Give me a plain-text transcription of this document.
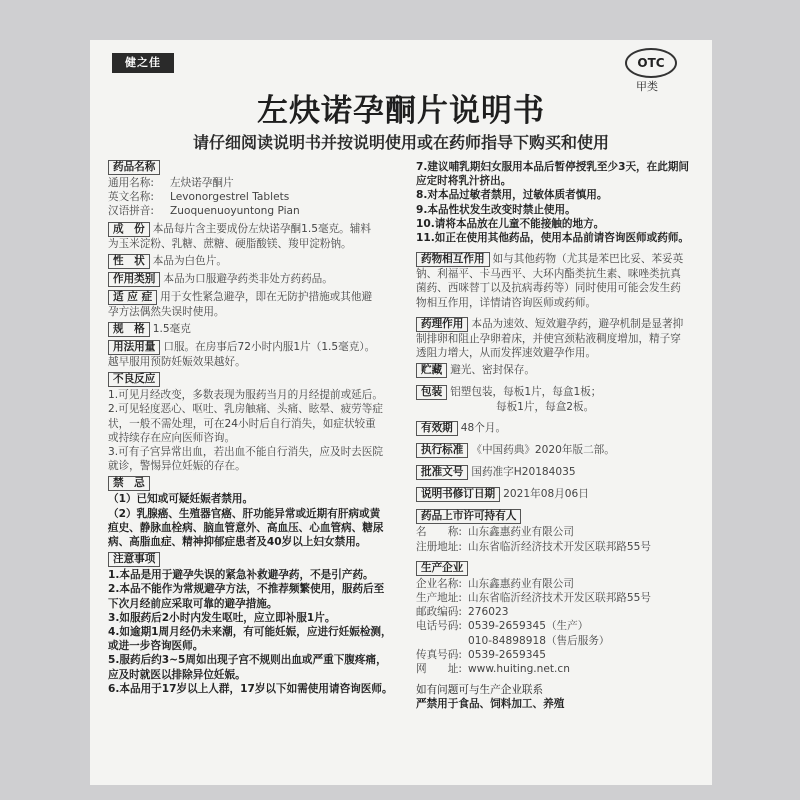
健之佳	OTC
甲类
左炔诺孕酮片说明书
请仔细阅读说明书并按说明使用或在药师指导下购买和使用
药品名称
通用名称:	左炔诺孕酮片
英文名称:	Levonorgestrel Tablets
汉语拼音:	Zuoquenuoyuntong Pian
成　份 本品每片含主要成份左炔诺孕酮1.5毫克。辅料
为玉米淀粉、乳糖、蔗糖、硬脂酸镁、羧甲淀粉钠。
性　状 本品为白色片。
作用类别 本品为口服避孕药类非处方药药品。
适 应 症 用于女性紧急避孕，即在无防护措施或其他避
孕方法偶然失误时使用。
规　格 1.5毫克
用法用量 口服。在房事后72小时内服1片（1.5毫克）。
越早服用预防妊娠效果越好。
不良反应
1.可见月经改变，多数表现为服药当月的月经提前或延后。
2.可见轻度恶心、呕吐、乳房触痛、头痛、眩晕、疲劳等症
状，一般不需处理，可在24小时后自行消失，如症状较重
或持续存在应向医师咨询。
3.可有子宫异常出血，若出血不能自行消失，应及时去医院
就诊，警惕异位妊娠的存在。
禁　忌
（1）已知或可疑妊娠者禁用。
（2）乳腺癌、生殖器官癌、肝功能异常或近期有肝病或黄
疸史、静脉血栓病、脑血管意外、高血压、心血管病、糖尿
病、高脂血症、精神抑郁症患者及40岁以上妇女禁用。
注意事项
1.本品是用于避孕失误的紧急补救避孕药，不是引产药。
2.本品不能作为常规避孕方法，不推荐频繁使用，服药后至
下次月经前应采取可靠的避孕措施。
3.如服药后2小时内发生呕吐，应立即补服1片。
4.如逾期1周月经仍未来潮，有可能妊娠，应进行妊娠检测，
或进一步咨询医师。
5.服药后约3~5周如出现子宫不规则出血或严重下腹疼痛，
应及时就医以排除异位妊娠。
6.本品用于17岁以上人群，17岁以下如需使用请咨询医师。
7.建议哺乳期妇女服用本品后暂停授乳至少3天，在此期间
应定时将乳汁挤出。
8.对本品过敏者禁用，过敏体质者慎用。
9.本品性状发生改变时禁止使用。
10.请将本品放在儿童不能接触的地方。
11.如正在使用其他药品，使用本品前请咨询医师或药师。
药物相互作用 如与其他药物（尤其是苯巴比妥、苯妥英
钠、利福平、卡马西平、大环内酯类抗生素、咪唑类抗真
菌药、西咪替丁以及抗病毒药等）同时使用可能会发生药
物相互作用，详情请咨询医师或药师。
药理作用 本品为速效、短效避孕药，避孕机制是显著抑
制排卵和阻止孕卵着床，并使宫颈粘液稠度增加，精子穿
透阻力增大，从而发挥速效避孕作用。
贮藏 避光、密封保存。
包装 铝塑包装，每板1片，每盒1板；
每板1片，每盒2板。
有效期 48个月。
执行标准 《中国药典》2020年版二部。
批准文号 国药准字H20184035
说明书修订日期 2021年08月06日
药品上市许可持有人
名　　称: 山东鑫惠药业有限公司
注册地址: 山东省临沂经济技术开发区联邦路55号
生产企业
企业名称: 山东鑫惠药业有限公司
生产地址: 山东省临沂经济技术开发区联邦路55号
邮政编码: 276023
电话号码: 0539-2659345（生产）
010-84898918（售后服务）
传真号码: 0539-2659345
网　　址: www.huiting.net.cn
如有问题可与生产企业联系
严禁用于食品、饲料加工、养殖
